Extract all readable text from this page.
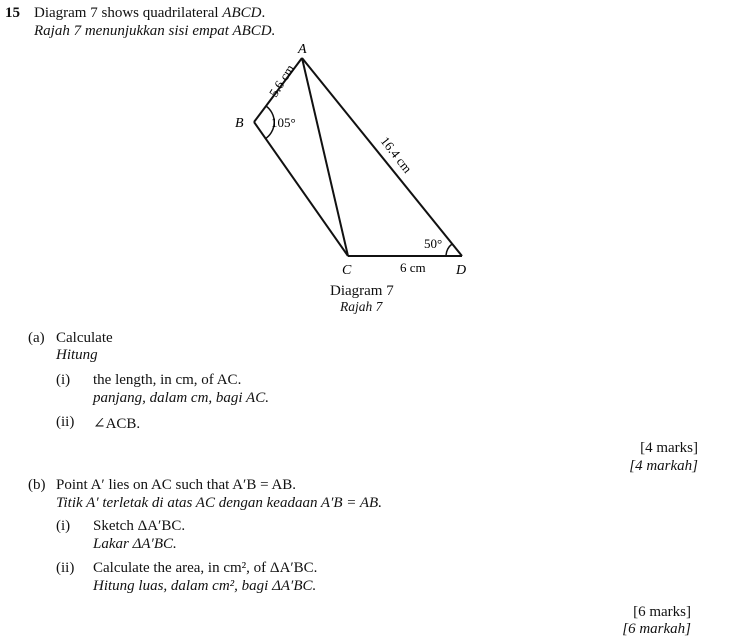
15 Diagram 7 shows quadrilateral ABCD.
Rajah 7 menunjukkan sisi empat ABCD.
A
B
C	D
5.6 cm
16.4 cm
6 cm
105°
50°
Diagram 7
Rajah 7
(a) Calculate
Hitung
(i) the length, in cm, of AC.
panjang, dalam cm, bagi AC.
(ii) ∠ACB.
[4 marks]
[4 markah]
(b) Point A′ lies on AC such that A′B = AB.
Titik A′ terletak di atas AC dengan keadaan A′B = AB.
(i) Sketch ΔA′BC.
Lakar ΔA′BC.
(ii) Calculate the area, in cm², of ΔA′BC.
Hitung luas, dalam cm², bagi ΔA′BC.
[6 marks]
[6 markah]
